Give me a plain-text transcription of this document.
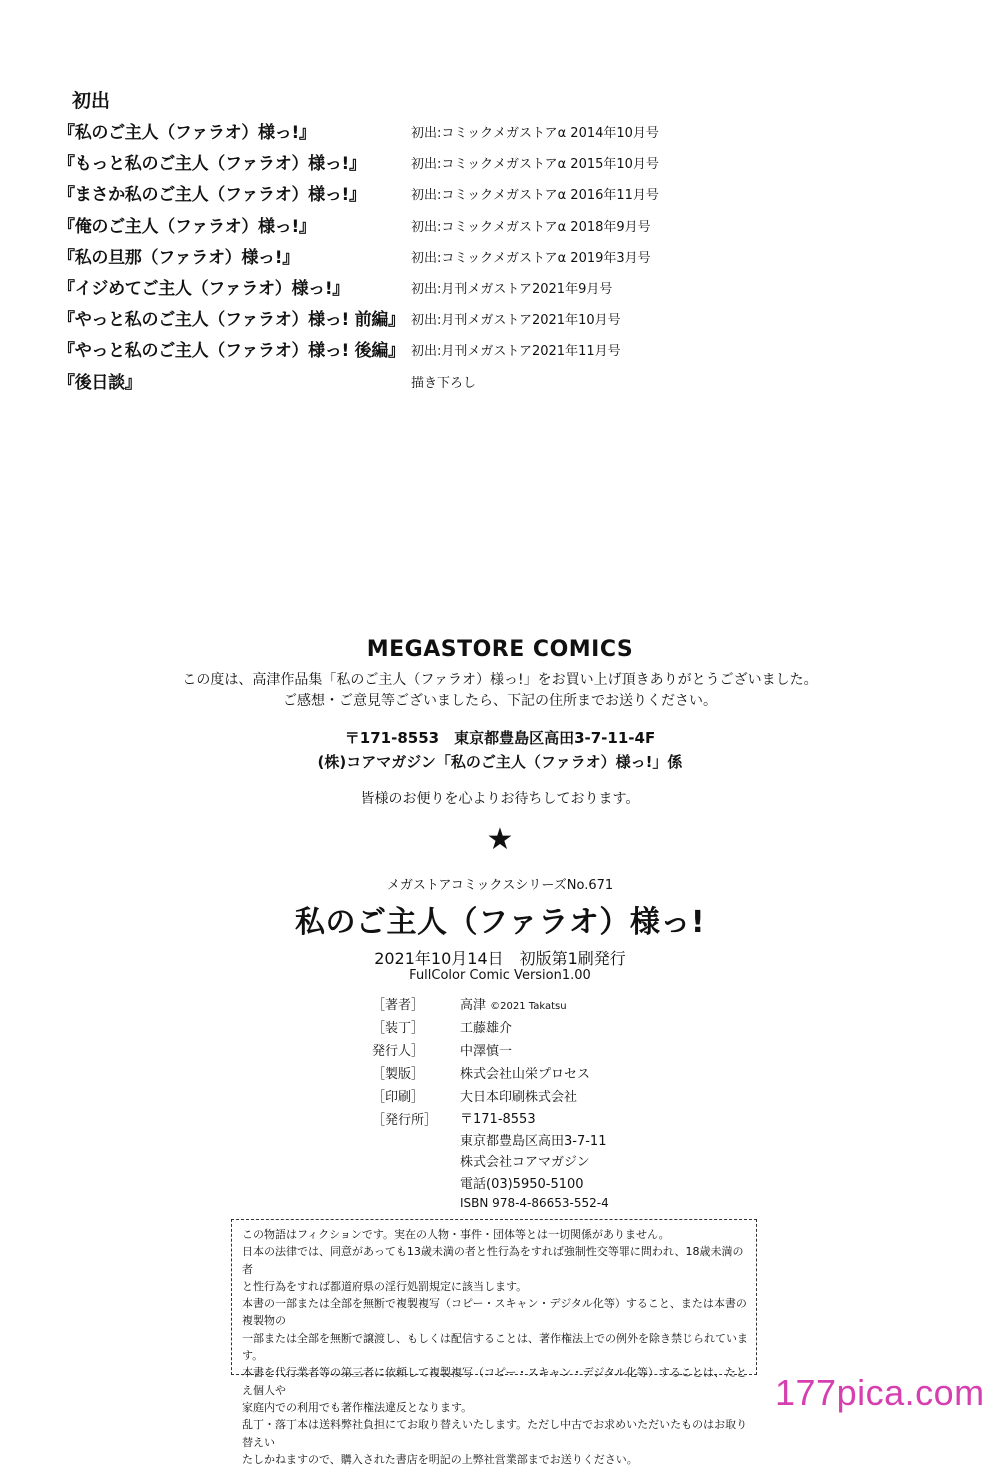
初出
『私のご主人（ファラオ）様っ!』	初出:コミックメガストアα 2014年10月号
『もっと私のご主人（ファラオ）様っ!』	初出:コミックメガストアα 2015年10月号
『まさか私のご主人（ファラオ）様っ!』	初出:コミックメガストアα 2016年11月号
『俺のご主人（ファラオ）様っ!』	初出:コミックメガストアα 2018年9月号
『私の旦那（ファラオ）様っ!』	初出:コミックメガストアα 2019年3月号
『イジめてご主人（ファラオ）様っ!』	初出:月刊メガストア2021年9月号
『やっと私のご主人（ファラオ）様っ! 前編』 初出:月刊メガストア2021年10月号
『やっと私のご主人（ファラオ）様っ! 後編』 初出:月刊メガストア2021年11月号
『後日談』	描き下ろし
MEGASTORE COMICS
この度は、高津作品集「私のご主人（ファラオ）様っ!」をお買い上げ頂きありがとうございました。
ご感想・ご意見等ございましたら、下記の住所までお送りください。
〒171-8553　東京都豊島区高田3-7-11-4F
(株)コアマガジン「私のご主人（ファラオ）様っ!」係
皆様のお便りを心よりお待ちしております。
★
メガストアコミックスシリーズNo.671
私のご主人（ファラオ）様っ!
2021年10月14日　初版第1刷発行
FullColor Comic Version1.00
［著者］	高津 ©2021 Takatsu
［装丁］	工藤雄介
発行人］	中澤慎一
［製版］	株式会社山栄プロセス
［印刷］	大日本印刷株式会社
［発行所］ 〒171-8553
東京都豊島区高田3-7-11
株式会社コアマガジン
電話(03)5950-5100
ISBN 978-4-86653-552-4

この物語はフィクションです。実在の人物・事件・団体等とは一切関係がありません。

日本の法律では、同意があっても13歳未満の者と性行為をすれば強制性交等罪に問われ、18歳未満の者

と性行為をすれば都道府県の淫行処罰規定に該当します。

本書の一部または全部を無断で複製複写（コピー・スキャン・デジタル化等）すること、または本書の複製物の

一部または全部を無断で譲渡し、もしくは配信することは、著作権法上での例外を除き禁じられています。

本書を代行業者等の第三者に依頼して複製複写（コピー・スキャン・デジタル化等）することは、たとえ個人や

家庭内での利用でも著作権法違反となります。

乱丁・落丁本は送料弊社負担にてお取り替えいたします。ただし中古でお求めいただいたものはお取り替えい

たしかねますので、購入された書店を明記の上弊社営業部までお送りください。

177pica.com
